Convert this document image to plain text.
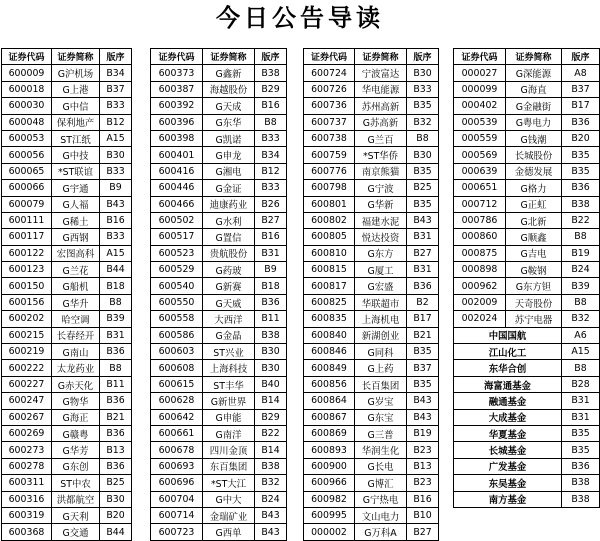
今日公告导读
证券代码	证券简称	版序
600009	G沪机场	B34
600018	G上港	B37
600030	G中信	B33
600048	保利地产	B12
600053	ST江纸	A15
600056	G中技	B30
600065	*ST联谊	B33
600066	G宇通	B9
600079	G人福	B43
600111	G稀土	B16
600117	G西钢	B33
600122	宏图高科	A15
600123	G兰花	B44
600150	G船机	B18
600156	G华升	B8
600202	哈空调	B39
600215	长春经开	B31
600219	G南山	B36
600222	太龙药业	B8
600227	G赤天化	B11
600247	G物华	B36
600267	G海正	B21
600269	G赣粤	B36
600273	G华芳	B13
600278	G东创	B36
600311	ST中农	B25
600316	洪都航空	B30
600319	G天利	B20
600368	G交通	B44
证券代码	证券简称	版序
600373	G鑫新	B38
600387	海越股份	B29
600392	G天成	B16
600396	G东华	B8
600398	G凯诺	B33
600401	G申龙	B34
600416	G湘电	B12
600446	G金证	B33
600466	迪康药业	B26
600502	G水利	B27
600517	G置信	B16
600523	贵航股份	B31
600529	G药玻	B9
600540	G新赛	B18
600550	G天威	B36
600558	大西洋	B11
600586	G金晶	B38
600603	ST兴业	B30
600608	上海科技	B30
600615	ST丰华	B40
600628	G新世界	B14
600642	G申能	B29
600661	G南洋	B22
600678	四川金顶	B14
600693	东百集团	B38
600696	*ST大江	B32
600704	G中大	B24
600714	金瑞矿业	B43
600723	G西单	B43
证券代码	证券简称	版序
600724	宁波富达	B30
600726	华电能源	B33
600736	苏州高新	B35
600737	G苏高新	B32
600738	G兰百	B8
600759	*ST华侨	B30
600776	南京熊猫	B35
600798	G宁波	B25
600801	G华新	B35
600802	福建水泥	B43
600805	悦达投资	B31
600810	G东方	B27
600815	G厦工	B31
600817	G宏盛	B36
600825	华联超市	B2
600835	上海机电	B17
600840	新湖创业	B21
600846	G同科	B35
600849	G上药	B37
600856	长百集团	B35
600864	G岁宝	B43
600867	G东宝	B43
600869	G三普	B19
600893	华润生化	B23
600900	G长电	B13
600966	G博汇	B23
600982	G宁热电	B16
600995	文山电力	B10
000002	G万科A	B27
证券代码	证券简称	版序
000027	G深能源	A8
000099	G海直	B37
000402	G金融街	B17
000539	G粤电力	B36
000559	G钱潮	B20
000569	长城股份	B35
000639	金德发展	B35
000651	G格力	B36
000712	G正虹	B38
000786	G北新	B22
000860	G顺鑫	B8
000875	G吉电	B19
000898	G鞍钢	B24
000962	G东方钽	B39
002009	天奇股份	B8
002024	苏宁电器	B32
中国国航		A6
江山化工		A15
东华合创		B8
海富通基金		B28
融通基金		B31
大成基金		B31
华夏基金		B35
长城基金		B35
广发基金		B36
东吴基金		B38
南方基金		B38
